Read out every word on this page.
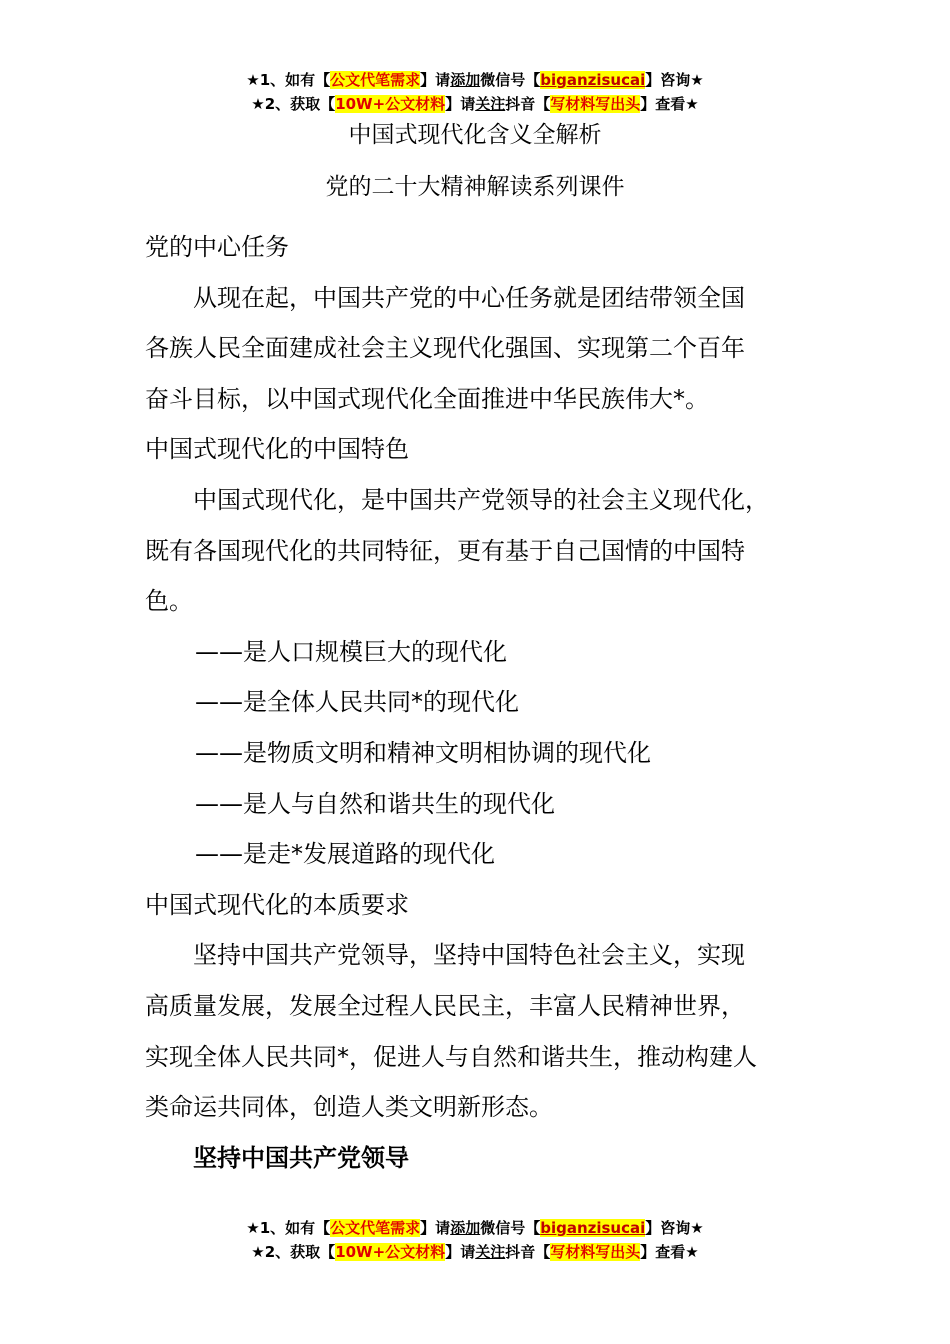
★1、如有【公文代笔需求】请添加微信号【biganzisucai】咨询★
★2、获取【10W+公文材料】请关注抖音【写材料写出头】查看★
中国式现代化含义全解析
党的二十大精神解读系列课件

党的中心任务

从现在起，中国共产党的中心任务就是团结带领全国

各族人民全面建成社会主义现代化强国、实现第二个百年

奋斗目标，以中国式现代化全面推进中华民族伟大*。

中国式现代化的中国特色

中国式现代化，是中国共产党领导的社会主义现代化，

既有各国现代化的共同特征，更有基于自己国情的中国特

色。

——是人口规模巨大的现代化

——是全体人民共同*的现代化

——是物质文明和精神文明相协调的现代化

——是人与自然和谐共生的现代化

——是走*发展道路的现代化

中国式现代化的本质要求

坚持中国共产党领导，坚持中国特色社会主义，实现

高质量发展，发展全过程人民民主，丰富人民精神世界，

实现全体人民共同*，促进人与自然和谐共生，推动构建人

类命运共同体，创造人类文明新形态。

坚持中国共产党领导

★1、如有【公文代笔需求】请添加微信号【biganzisucai】咨询★
★2、获取【10W+公文材料】请关注抖音【写材料写出头】查看★
